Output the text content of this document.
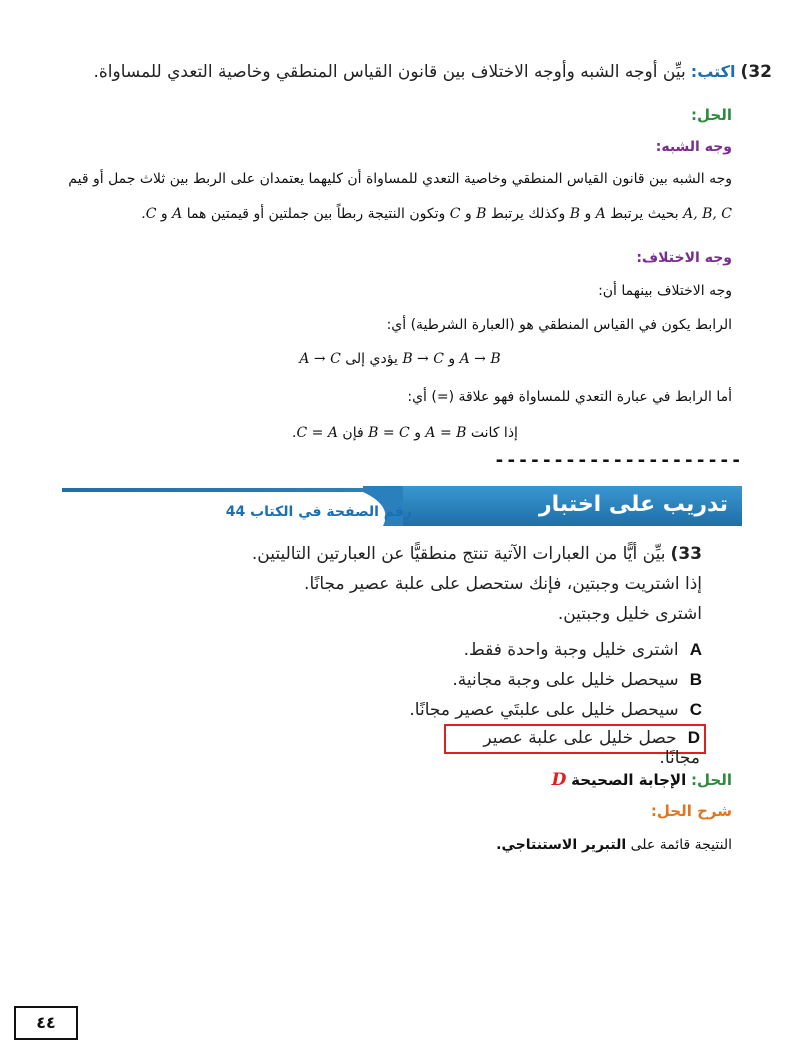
32) اكتب: بيِّن أوجه الشبه وأوجه الاختلاف بين قانون القياس المنطقي وخاصية التعدي للمساواة.
الحل:
وجه الشبه:
وجه الشبه بين قانون القياس المنطقي وخاصية التعدي للمساواة أن كليهما يعتمدان على الربط بين ثلاث جمل أو قيم
A, B, C بحيث يرتبط A و B وكذلك يرتبط B و C وتكون النتيجة ربطاً بين جملتين أو قيمتين هما A و C.
وجه الاختلاف:
وجه الاختلاف بينهما أن:
الرابط يكون في القياس المنطقي هو (العبارة الشرطية) أي:
A → B و B → C يؤدي إلى A → C
أما الرابط في عبارة التعدي للمساواة فهو علاقة (=) أي:
إذا كانت A = B و B = C فإن .C = A
---------------------
تدريب على اختبار
رقم الصفحة في الكتاب 44
33) بيِّن أيًّا من العبارات الآتية تنتج منطقيًّا عن العبارتين التاليتين.
إذا اشتريت وجبتين، فإنك ستحصل على علبة عصير مجانًا.
اشترى خليل وجبتين.
A اشترى خليل وجبة واحدة فقط.
B سيحصل خليل على وجبة مجانية.
C سيحصل خليل على علبتَي عصير مجانًا.
D حصل خليل على علبة عصير مجانًا.
الحل: الإجابة الصحيحة D
شرح الحل:
النتيجة قائمة على التبرير الاستنتاجي.
٤٤
